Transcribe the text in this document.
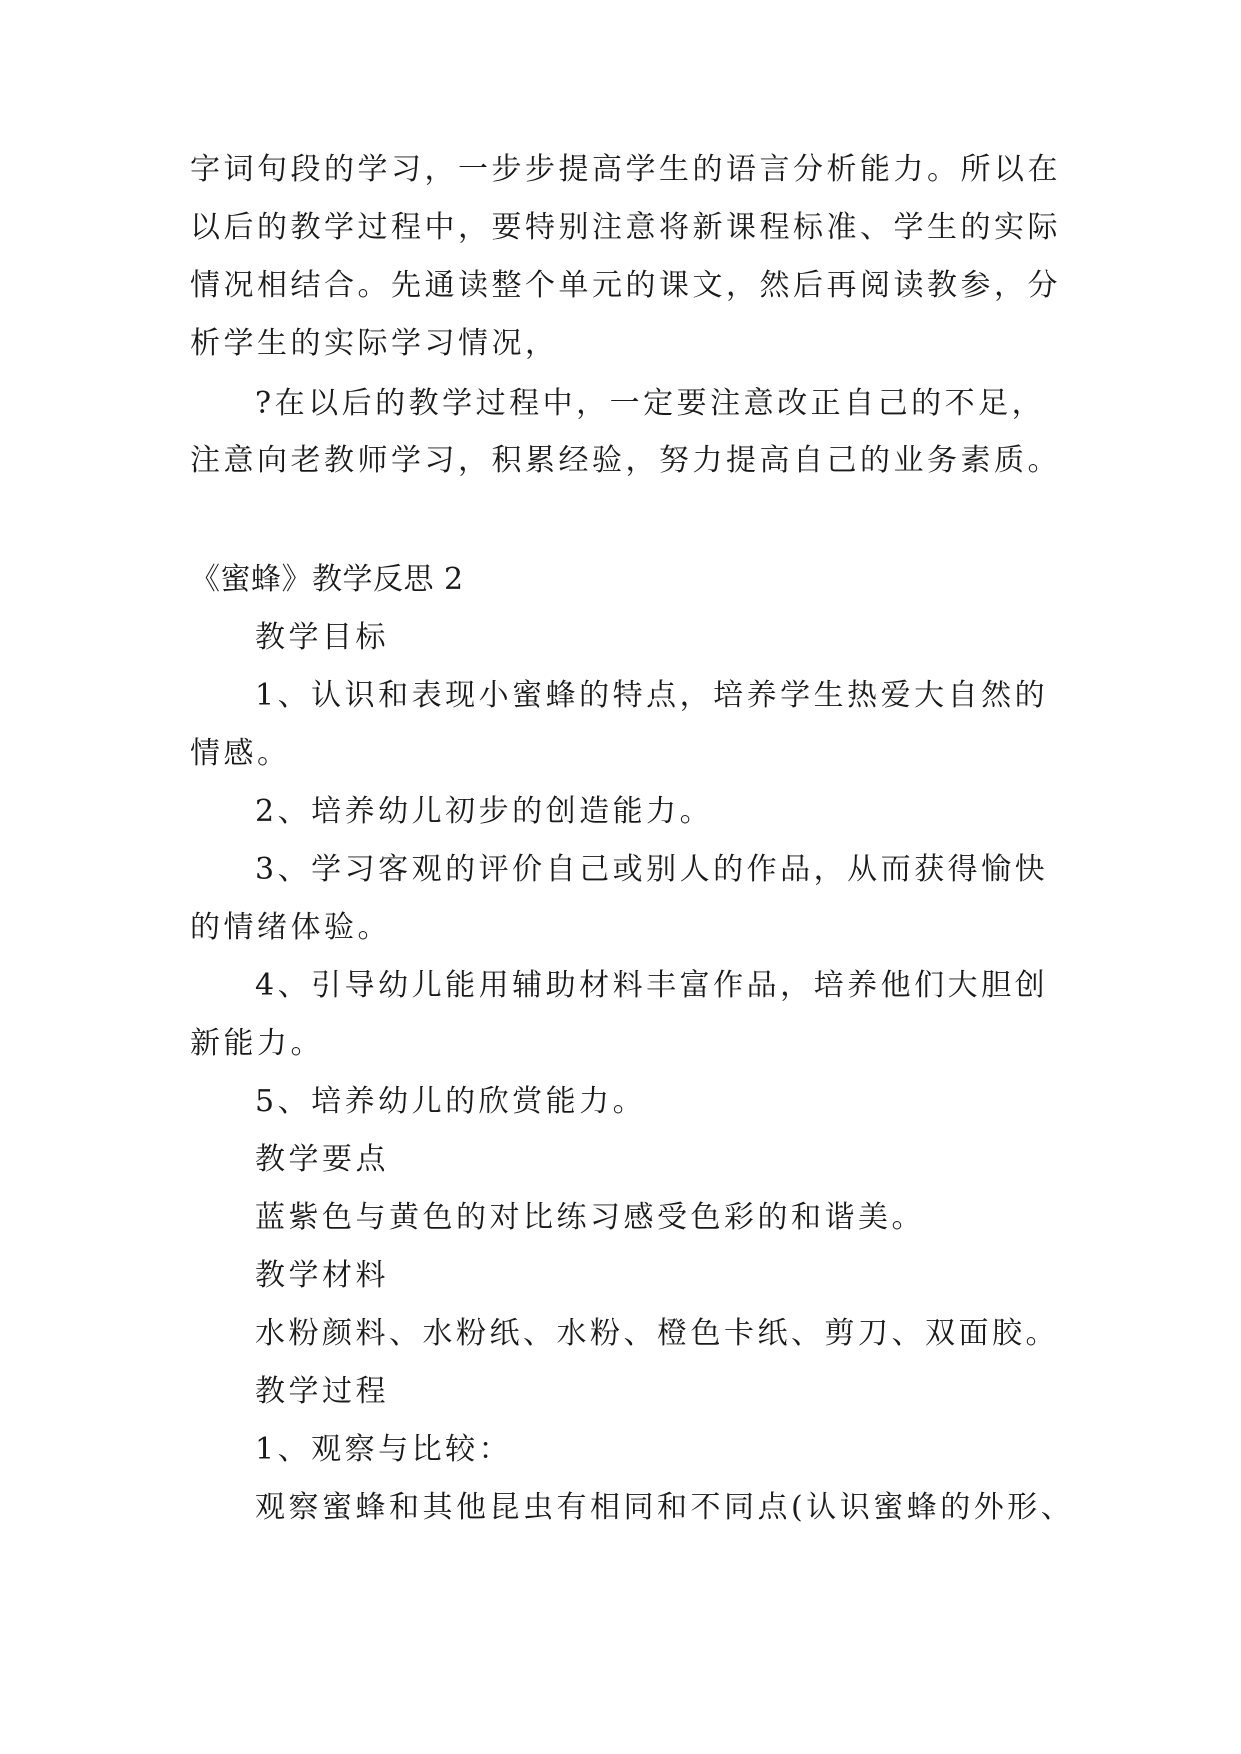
字词句段的学习，一步步提高学生的语言分析能力。所以在
以后的教学过程中，要特别注意将新课程标准、学生的实际
情况相结合。先通读整个单元的课文，然后再阅读教参，分
析学生的实际学习情况，
?在以后的教学过程中，一定要注意改正自己的不足，
注意向老教师学习，积累经验，努力提高自己的业务素质。
《蜜蜂》教学反思 2
教学目标
1、认识和表现小蜜蜂的特点，培养学生热爱大自然的
情感。
2、培养幼儿初步的创造能力。
3、学习客观的评价自己或别人的作品，从而获得愉快
的情绪体验。
4、引导幼儿能用辅助材料丰富作品，培养他们大胆创
新能力。
5、培养幼儿的欣赏能力。
教学要点
蓝紫色与黄色的对比练习感受色彩的和谐美。
教学材料
水粉颜料、水粉纸、水粉、橙色卡纸、剪刀、双面胶。
教学过程
1、观察与比较：
观察蜜蜂和其他昆虫有相同和不同点(认识蜜蜂的外形、
